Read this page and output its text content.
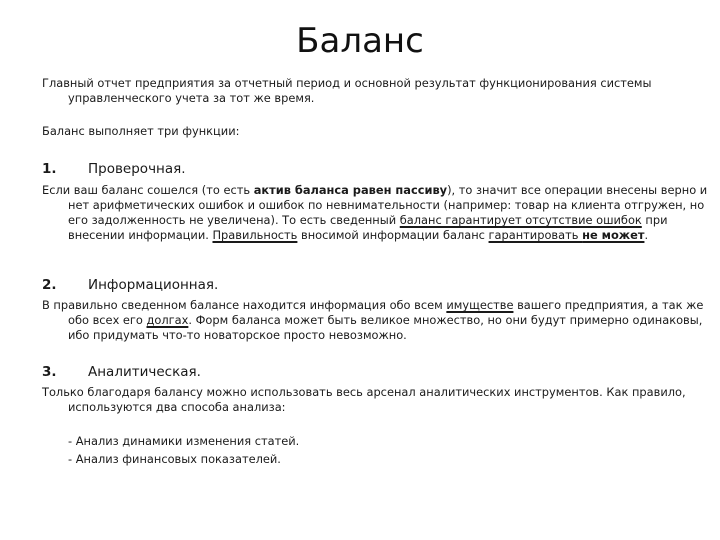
Баланс
Главный отчет предприятия за отчетный период и основной результат функционирования системы управленческого учета за тот же время.
Баланс выполняет три функции:
1. Проверочная.
Если ваш баланс сошелся (то есть актив баланса равен пассиву), то значит все операции внесены верно и нет арифметических ошибок и ошибок по невнимательности (например: товар на клиента отгружен, но его задолженность не увеличена). То есть сведенный баланс гарантирует отсутствие ошибок при внесении информации. Правильность вносимой информации баланс гарантировать не может.
2. Информационная.
В правильно сведенном балансе находится информация обо всем имуществе вашего предприятия, а так же обо всех его долгах. Форм баланса может быть великое множество, но они будут примерно одинаковы, ибо придумать что-то новаторское просто невозможно.
3. Аналитическая.
Только благодаря балансу можно использовать весь арсенал аналитических инструментов. Как правило, используются два способа анализа:
- Анализ динамики изменения статей.
- Анализ финансовых показателей.
